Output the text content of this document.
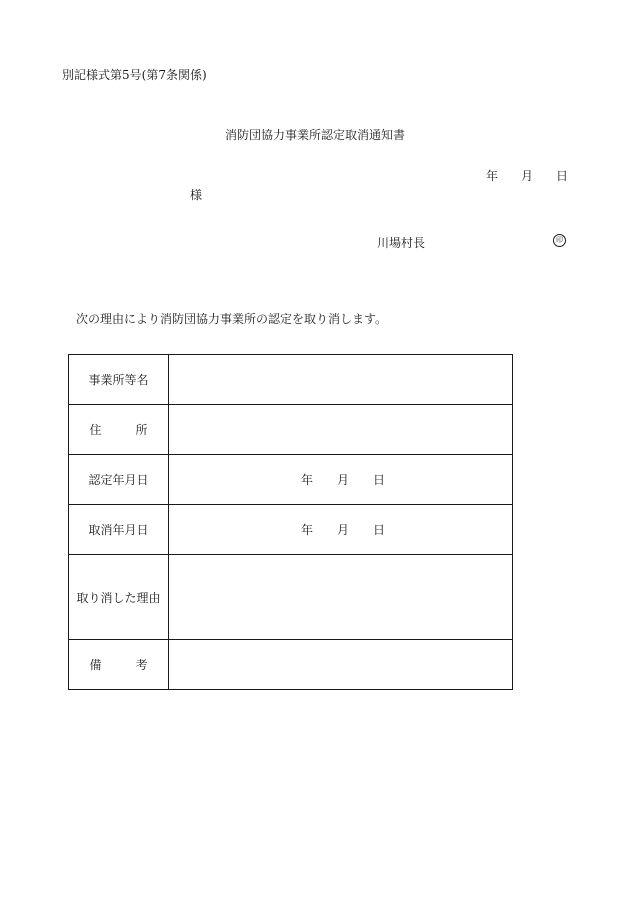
別記様式第5号(第7条関係)
消防団協力事業所認定取消通知書
年 月 日
様
川場村長	印
次の理由により消防団協力事業所の認定を取り消します。
事業所等名	
住所	
認定年月日	年 月 日
取消年月日	年 月 日
取り消した理由	
備考	
